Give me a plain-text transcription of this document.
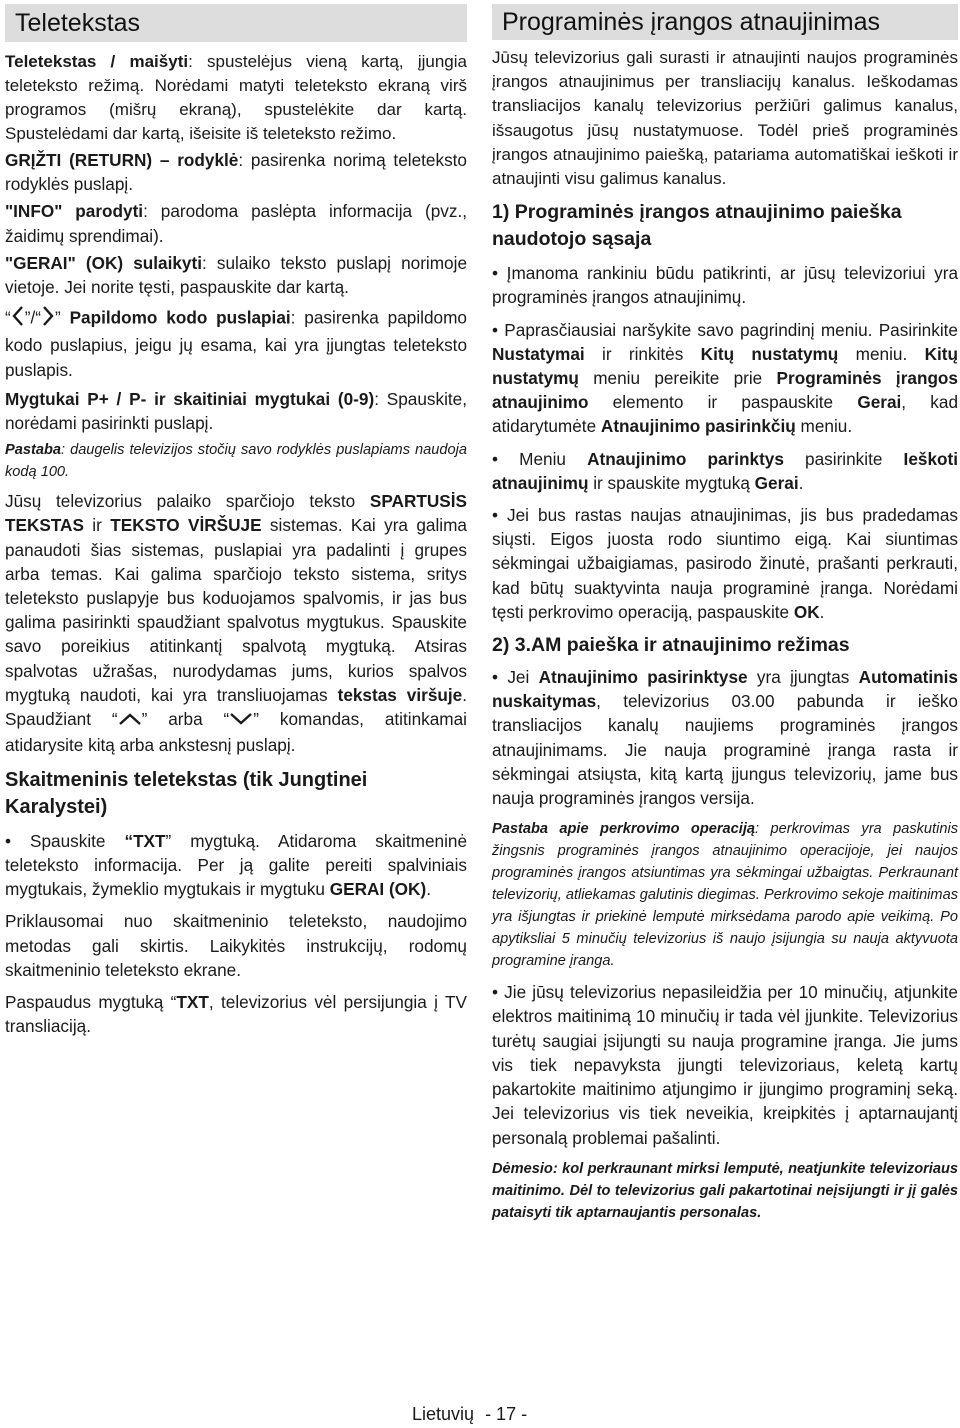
Teletekstas

Teletekstas / maišyti: spustelėjus vieną kartą, įjungia teleteksto režimą. Norėdami matyti teleteksto ekraną virš programos (mišrų ekraną), spustelėkite dar kartą. Spustelėdami dar kartą, išeisite iš teleteksto režimo.

GRĮŽTI (RETURN) – rodyklė: pasirenka norimą teleteksto rodyklės puslapį.

"INFO" parodyti: parodoma paslėpta informacija (pvz., žaidimų sprendimai).

"GERAI" (OK) sulaikyti: sulaiko teksto puslapį norimoje vietoje. Jei norite tęsti, paspauskite dar kartą.

“ ”/“ ” Papildomo kodo puslapiai: pasirenka papildomo kodo puslapius, jeigu jų esama, kai yra įjungtas teleteksto puslapis.

Mygtukai P+ / P- ir skaitiniai mygtukai (0-9): Spauskite, norėdami pasirinkti puslapį.

Pastaba: daugelis televizijos stočių savo rodyklės puslapiams naudoja kodą 100.

Jūsų televizorius palaiko sparčiojo teksto SPARTUSİS TEKSTAS ir TEKSTO VİRŠUJE sistemas. Kai yra galima panaudoti šias sistemas, puslapiai yra padalinti į grupes arba temas. Kai galima sparčiojo teksto sistema, sritys teleteksto puslapyje bus koduojamos spalvomis, ir jas bus galima pasirinkti spaudžiant spalvotus mygtukus. Spauskite savo poreikius atitinkantį spalvotą mygtuką. Atsiras spalvotas užrašas, nurodydamas jums, kurios spalvos mygtuką naudoti, kai yra transliuojamas tekstas viršuje. Spaudžiant “ ” arba “ ” komandas, atitinkamai atidarysite kitą arba ankstesnį puslapį.

Skaitmeninis teletekstas (tik Jungtinei Karalystei)

• Spauskite “TXT” mygtuką. Atidaroma skaitmeninė teleteksto informacija. Per ją galite pereiti spalviniais mygtukais, žymeklio mygtukais ir mygtuku GERAI (OK).

Priklausomai nuo skaitmeninio teleteksto, naudojimo metodas gali skirtis. Laikykitės instrukcijų, rodomų skaitmeninio teleteksto ekrane.

Paspaudus mygtuką “TXT, televizorius vėl persijungia į TV transliaciją.

Programinės įrangos atnaujinimas

Jūsų televizorius gali surasti ir atnaujinti naujos programinės įrangos atnaujinimus per transliacijų kanalus. Ieškodamas transliacijos kanalų televizorius peržiūri galimus kanalus, išsaugotus jūsų nustatymuose. Todėl prieš programinės įrangos atnaujinimo paiešką, patariama automatiškai ieškoti ir atnaujinti visu galimus kanalus.

1) Programinės įrangos atnaujinimo paieška naudotojo sąsaja

• Įmanoma rankiniu būdu patikrinti, ar jūsų televizoriui yra programinės įrangos atnaujinimų.

• Paprasčiausiai naršykite savo pagrindinį meniu. Pasirinkite Nustatymai ir rinkitės Kitų nustatymų meniu. Kitų nustatymų meniu pereikite prie Programinės įrangos atnaujinimo elemento ir paspauskite Gerai, kad atidarytumėte Atnaujinimo pasirinkčių meniu.

• Meniu Atnaujinimo parinktys pasirinkite Ieškoti atnaujinimų ir spauskite mygtuką Gerai.

• Jei bus rastas naujas atnaujinimas, jis bus pradedamas siųsti. Eigos juosta rodo siuntimo eigą. Kai siuntimas sėkmingai užbaigiamas, pasirodo žinutė, prašanti perkrauti, kad būtų suaktyvinta nauja programinė įranga. Norėdami tęsti perkrovimo operaciją, paspauskite OK.

2) 3.AM paieška ir atnaujinimo režimas

• Jei Atnaujinimo pasirinktyse yra įjungtas Automatinis nuskaitymas, televizorius 03.00 pabunda ir ieško transliacijos kanalų naujiems programinės įrangos atnaujinimams. Jie nauja programinė įranga rasta ir sėkmingai atsiųsta, kitą kartą įjungus televizorių, jame bus nauja programinės įrangos versija.

Pastaba apie perkrovimo operaciją: perkrovimas yra paskutinis žingsnis programinės įrangos atnaujinimo operacijoje, jei naujos programinės įrangos atsiuntimas yra sėkmingai užbaigtas. Perkraunant televizorių, atliekamas galutinis diegimas. Perkrovimo sekoje maitinimas yra išjungtas ir priekinė lemputė mirksėdama parodo apie veikimą. Po apytiksliai 5 minučių televizorius iš naujo įsijungia su nauja aktyvuota programine įranga.

• Jie jūsų televizorius nepasileidžia per 10 minučių, atjunkite elektros maitinimą 10 minučių ir tada vėl įjunkite. Televizorius turėtų saugiai įsijungti su nauja programine įranga. Jie jums vis tiek nepavyksta įjungti televizoriaus, keletą kartų pakartokite maitinimo atjungimo ir įjungimo programinį seką. Jei televizorius vis tiek neveikia, kreipkitės į aptarnaujantį personalą problemai pašalinti.

Dėmesio: kol perkraunant mirksi lemputė, neatjunkite televizoriaus maitinimo. Dėl to televizorius gali pakartotinai neįsijungti ir jį galės pataisyti tik aptarnaujantis personalas.

Lietuvių - 17 -
